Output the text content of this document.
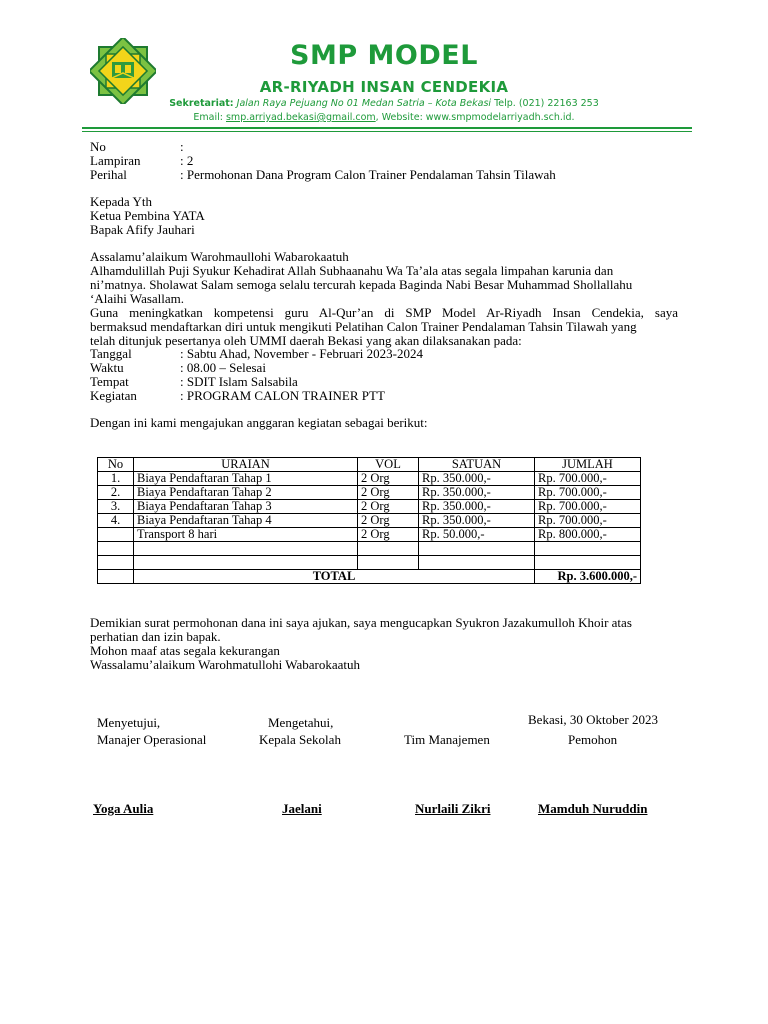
SMP MODEL
AR-RIYADH INSAN CENDEKIA
Sekretariat: Jalan Raya Pejuang No 01 Medan Satria – Kota Bekasi Telp. (021) 22163 253
Email: smp.arriyad.bekasi@gmail.com, Website: www.smpmodelarriyadh.sch.id.
No	:
Lampiran	: 2
Perihal	: Permohonan Dana Program Calon Trainer Pendalaman Tahsin Tilawah
Kepada Yth
Ketua Pembina YATA
Bapak Afify Jauhari
Assalamu’alaikum Warohmaullohi Wabarokaatuh
Alhamdulillah Puji Syukur Kehadirat Allah Subhaanahu Wa Ta’ala atas segala limpahan karunia dan
ni’matnya. Sholawat Salam semoga selalu tercurah kepada Baginda Nabi Besar Muhammad Shollallahu
‘Alaihi Wasallam.
Guna meningkatkan kompetensi guru Al-Qur’an di SMP Model Ar-Riyadh Insan Cendekia, saya
bermaksud mendaftarkan diri untuk mengikuti Pelatihan Calon Trainer Pendalaman Tahsin Tilawah yang
telah ditunjuk pesertanya oleh UMMI daerah Bekasi yang akan dilaksanakan pada:
Tanggal	: Sabtu Ahad, November - Februari 2023-2024
Waktu	: 08.00 – Selesai
Tempat	: SDIT Islam Salsabila
Kegiatan	: PROGRAM CALON TRAINER PTT
Dengan ini kami mengajukan anggaran kegiatan sebagai berikut:
No	URAIAN	VOL	SATUAN	JUMLAH
1.	Biaya Pendaftaran Tahap 1	2 Org	Rp. 350.000,-	Rp. 700.000,-
2.	Biaya Pendaftaran Tahap 2	2 Org	Rp. 350.000,-	Rp. 700.000,-
3.	Biaya Pendaftaran Tahap 3	2 Org	Rp. 350.000,-	Rp. 700.000,-
4.	Biaya Pendaftaran Tahap 4	2 Org	Rp. 350.000,-	Rp. 700.000,-
	Transport 8 hari	2 Org	Rp. 50.000,-	Rp. 800.000,-

	TOTAL			Rp. 3.600.000,-
Demikian surat permohonan dana ini saya ajukan, saya mengucapkan Syukron Jazakumulloh Khoir atas
perhatian dan izin bapak.
Mohon maaf atas segala kekurangan
Wassalamu’alaikum Warohmatullohi Wabarokaatuh
Bekasi, 30 Oktober 2023
Menyetujui,	Mengetahui,
Manajer Operasional	Kepala Sekolah	Tim Manajemen	Pemohon
Yoga Aulia	Jaelani	Nurlaili Zikri	Mamduh Nuruddin
